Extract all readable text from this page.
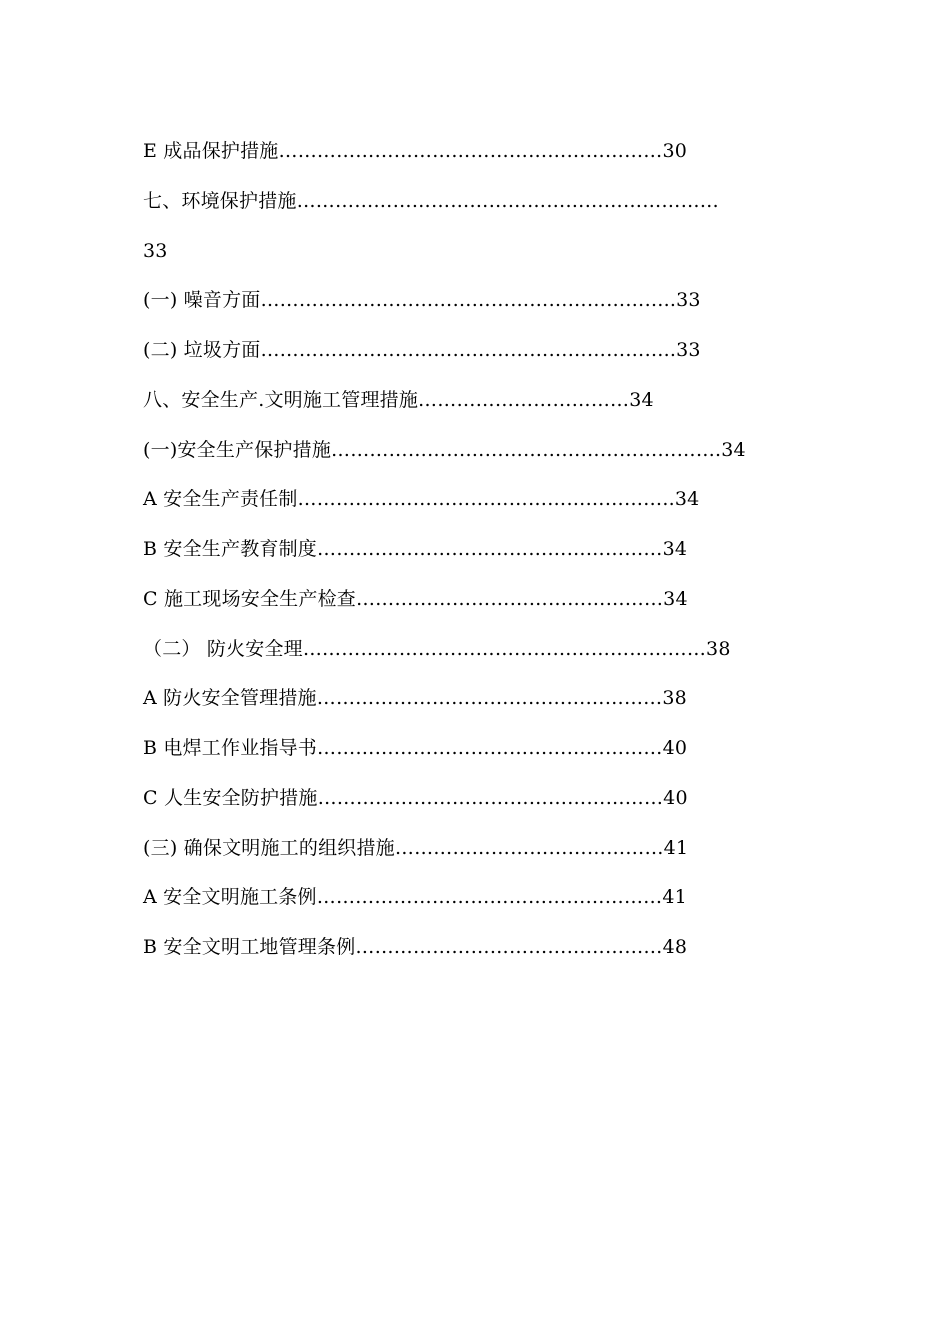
E 成品保护措施……………………………………………………30
七、环境保护措施…………………………………………………………
33
(一) 噪音方面………………………………………………………..33
(二) 垃圾方面………………………………………………………..33
八、安全生产.文明施工管理措施……………………………34
(一)安全生产保护措施…………………………………………………….34
A 安全生产责任制…………………………………………………..34
B 安全生产教育制度………………………………………………34
C 施工现场安全生产检查…………………………………………34
（二） 防火安全理………………………………………………………38
A 防火安全管理措施………………………………………………38
B 电焊工作业指导书………………………………………………40
C 人生安全防护措施………………………………………………40
(三) 确保文明施工的组织措施……………………………………41
A 安全文明施工条例………………………………………………41
B 安全文明工地管理条例…………………………………………48
